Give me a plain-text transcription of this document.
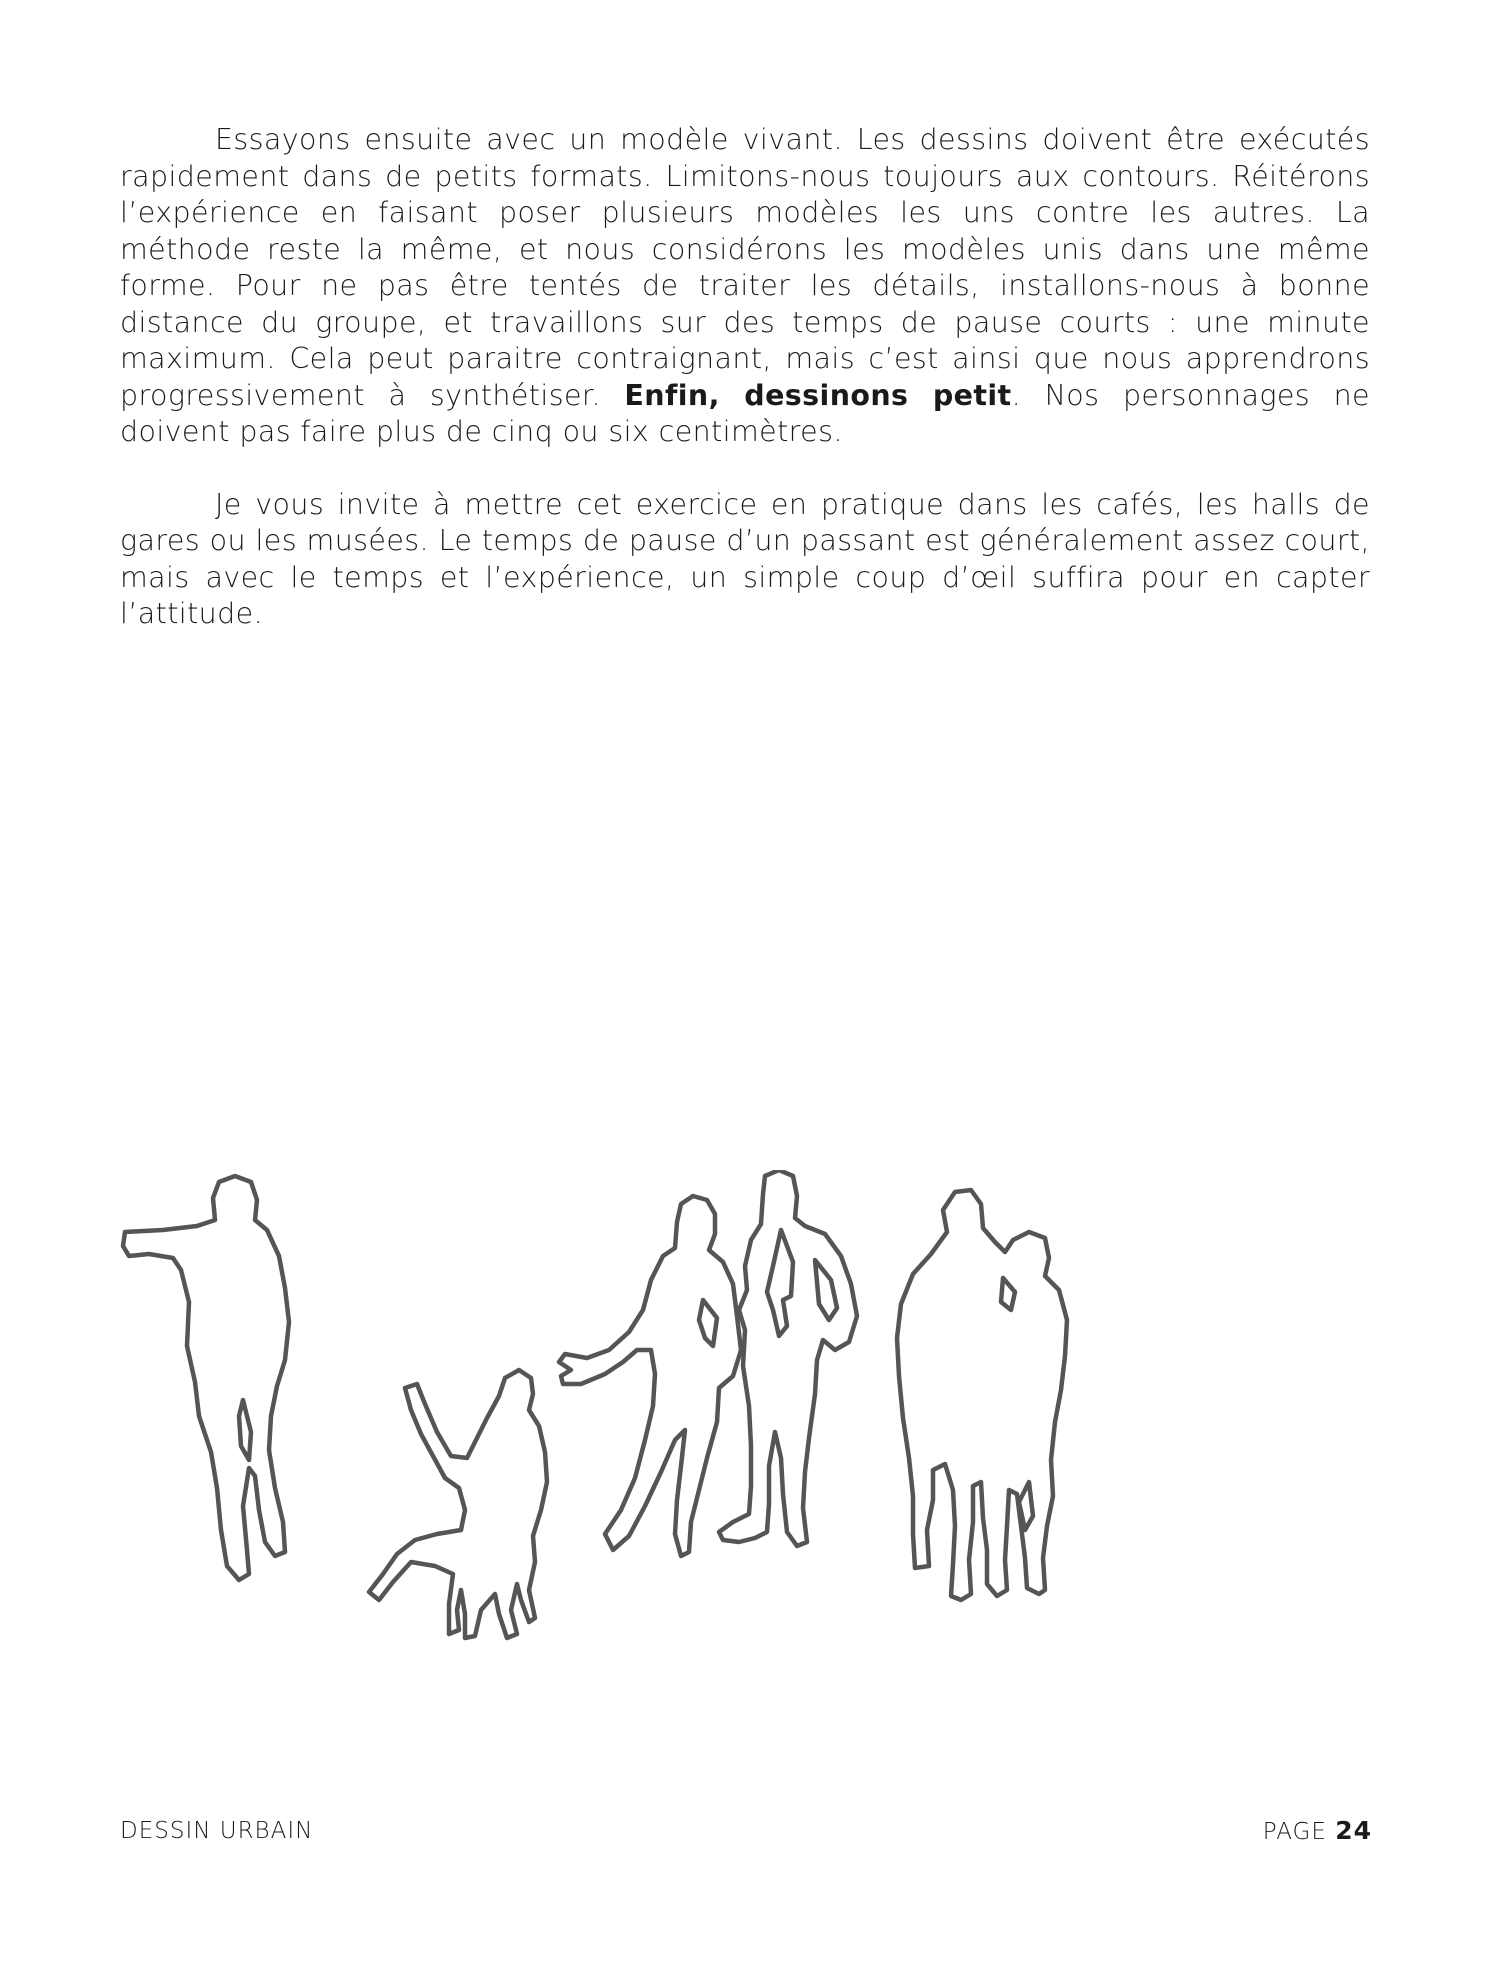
Essayons ensuite avec un modèle vivant. Les dessins doivent être exécutés rapidement dans de petits formats. Limitons-nous toujours aux contours. Réitérons l’expérience en faisant poser plusieurs modèles les uns contre les autres. La méthode reste la même, et nous considérons les modèles unis dans une même forme. Pour ne pas être tentés de traiter les détails, installons-nous à bonne distance du groupe, et travaillons sur des temps de pause courts : une minute maximum. Cela peut paraitre contraignant, mais c’est ainsi que nous apprendrons progressivement à synthétiser. Enfin, dessinons petit. Nos personnages ne doivent pas faire plus de cinq ou six centimètres.

Je vous invite à mettre cet exercice en pratique dans les cafés, les halls de gares ou les musées. Le temps de pause d’un passant est généralement assez court, mais avec le temps et l’expérience, un simple coup d’œil suffira pour en capter l’attitude.

DESSIN URBAIN	PAGE 24
